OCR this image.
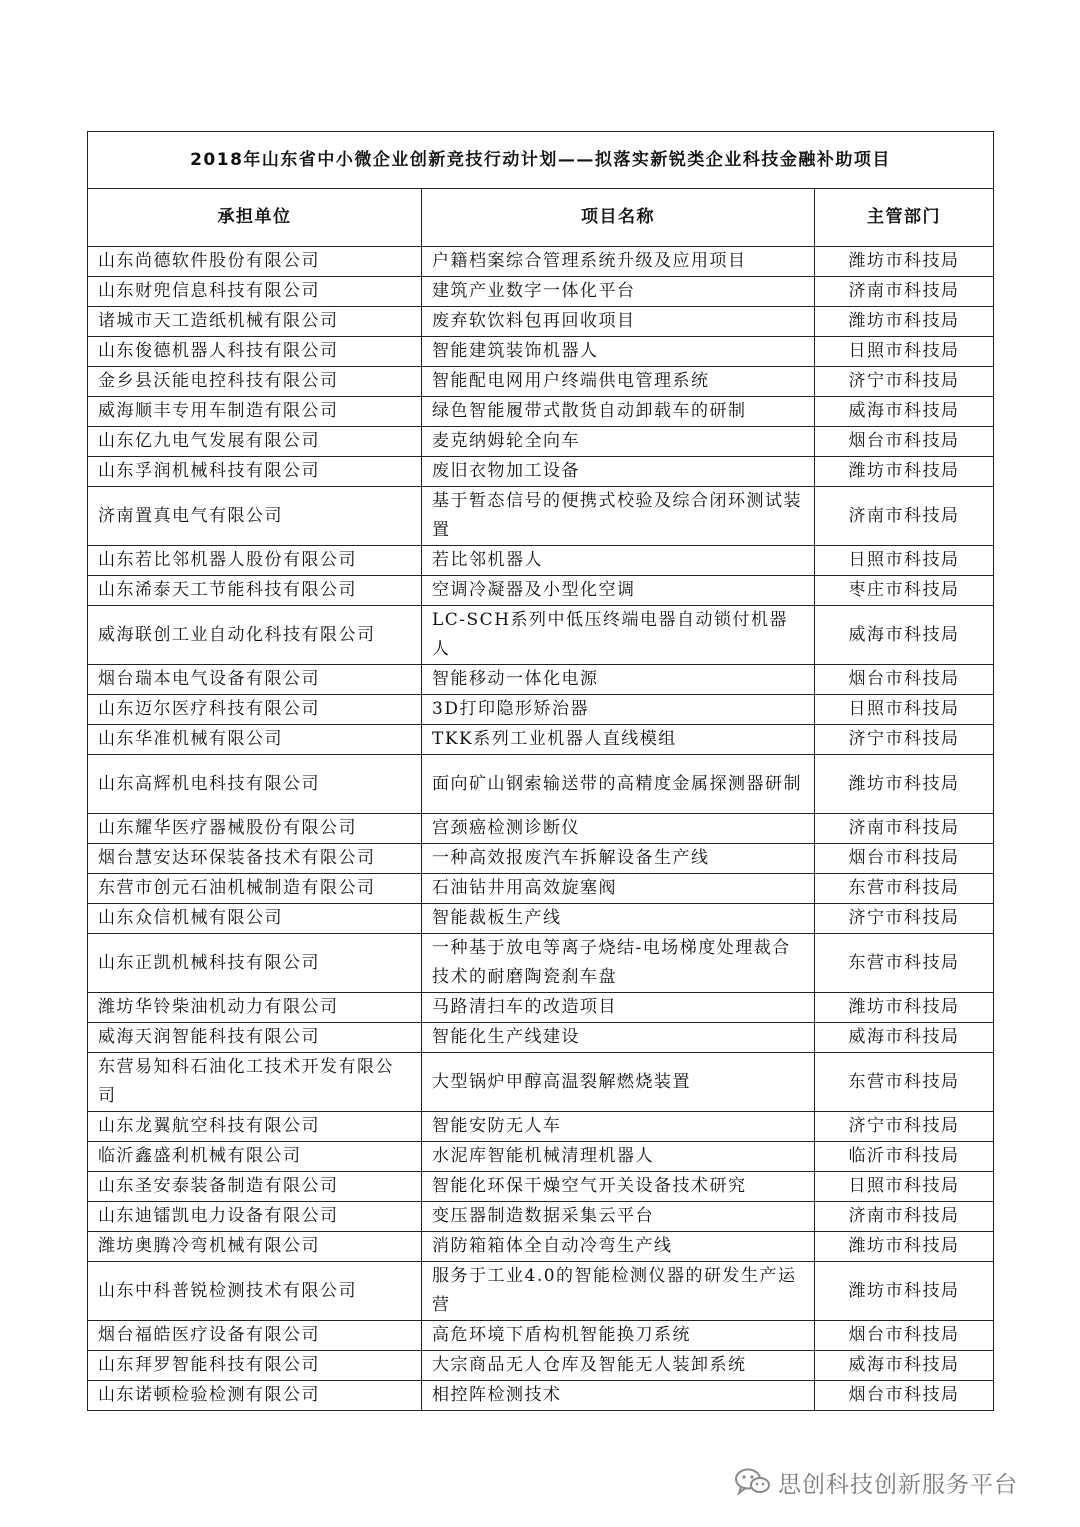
2018年山东省中小微企业创新竞技行动计划——拟落实新锐类企业科技金融补助项目		
承担单位	项目名称	主管部门
山东尚德软件股份有限公司	户籍档案综合管理系统升级及应用项目	潍坊市科技局
山东财兜信息科技有限公司	建筑产业数字一体化平台	济南市科技局
诸城市天工造纸机械有限公司	废弃软饮料包再回收项目	潍坊市科技局
山东俊德机器人科技有限公司	智能建筑装饰机器人	日照市科技局
金乡县沃能电控科技有限公司	智能配电网用户终端供电管理系统	济宁市科技局
威海顺丰专用车制造有限公司	绿色智能履带式散货自动卸载车的研制	威海市科技局
山东亿九电气发展有限公司	麦克纳姆轮全向车	烟台市科技局
山东孚润机械科技有限公司	废旧衣物加工设备	潍坊市科技局
济南置真电气有限公司	基于暂态信号的便携式校验及综合闭环测试装置	济南市科技局
山东若比邻机器人股份有限公司	若比邻机器人	日照市科技局
山东浠泰天工节能科技有限公司	空调冷凝器及小型化空调	枣庄市科技局
威海联创工业自动化科技有限公司	LC-SCH系列中低压终端电器自动锁付机器人	威海市科技局
烟台瑞本电气设备有限公司	智能移动一体化电源	烟台市科技局
山东迈尔医疗科技有限公司	3D打印隐形矫治器	日照市科技局
山东华准机械有限公司	TKK系列工业机器人直线模组	济宁市科技局
山东高辉机电科技有限公司	面向矿山钢索输送带的高精度金属探测器研制	潍坊市科技局
山东耀华医疗器械股份有限公司	宫颈癌检测诊断仪	济南市科技局
烟台慧安达环保装备技术有限公司	一种高效报废汽车拆解设备生产线	烟台市科技局
东营市创元石油机械制造有限公司	石油钻井用高效旋塞阀	东营市科技局
山东众信机械有限公司	智能裁板生产线	济宁市科技局
山东正凯机械科技有限公司	一种基于放电等离子烧结-电场梯度处理裁合技术的耐磨陶瓷刹车盘	东营市科技局
潍坊华铃柴油机动力有限公司	马路清扫车的改造项目	潍坊市科技局
威海天润智能科技有限公司	智能化生产线建设	威海市科技局
东营易知科石油化工技术开发有限公司	大型锅炉甲醇高温裂解燃烧装置	东营市科技局
山东龙翼航空科技有限公司	智能安防无人车	济宁市科技局
临沂鑫盛利机械有限公司	水泥库智能机械清理机器人	临沂市科技局
山东圣安泰装备制造有限公司	智能化环保干燥空气开关设备技术研究	日照市科技局
山东迪镭凯电力设备有限公司	变压器制造数据采集云平台	济南市科技局
潍坊奥腾冷弯机械有限公司	消防箱箱体全自动冷弯生产线	潍坊市科技局
山东中科普锐检测技术有限公司	服务于工业4.0的智能检测仪器的研发生产运营	潍坊市科技局
烟台福皓医疗设备有限公司	高危环境下盾构机智能换刀系统	烟台市科技局
山东拜罗智能科技有限公司	大宗商品无人仓库及智能无人装卸系统	威海市科技局
山东诺顿检验检测有限公司	相控阵检测技术	烟台市科技局
思创科技创新服务平台
